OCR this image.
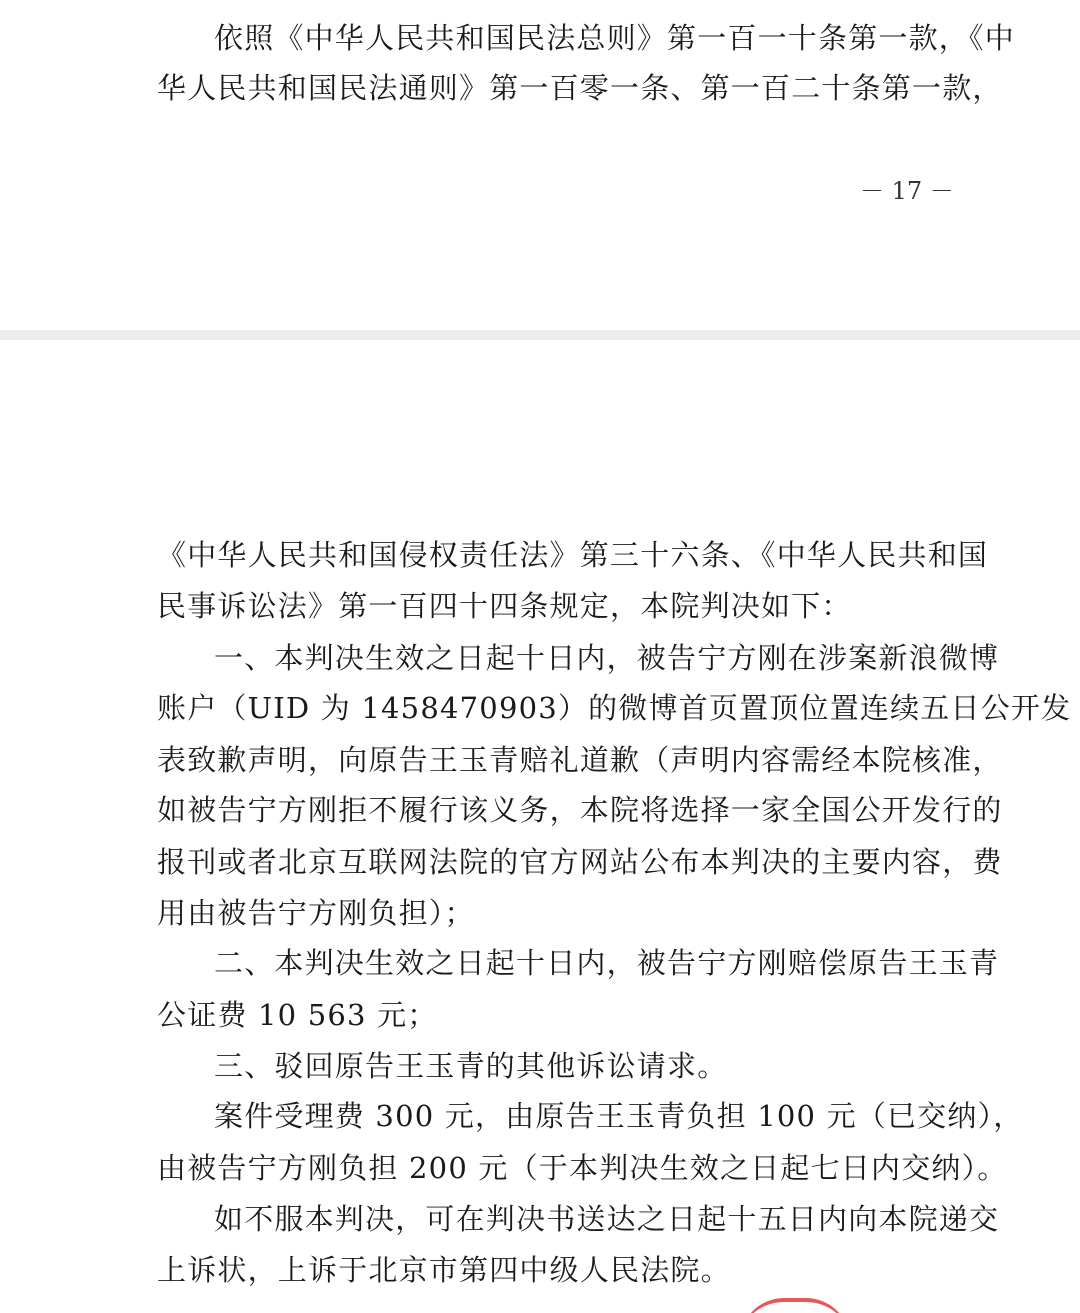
依照《中华人民共和国民法总则》第一百一十条第一款，《中
华人民共和国民法通则》第一百零一条、第一百二十条第一款，
－ 17 －
《中华人民共和国侵权责任法》第三十六条、《中华人民共和国
民事诉讼法》第一百四十四条规定，本院判决如下：
一、本判决生效之日起十日内，被告宁方刚在涉案新浪微博
账户（UID 为 1458470903）的微博首页置顶位置连续五日公开发
表致歉声明，向原告王玉青赔礼道歉（声明内容需经本院核准，
如被告宁方刚拒不履行该义务，本院将选择一家全国公开发行的
报刊或者北京互联网法院的官方网站公布本判决的主要内容，费
用由被告宁方刚负担）；
二、本判决生效之日起十日内，被告宁方刚赔偿原告王玉青
公证费 10 563 元；
三、驳回原告王玉青的其他诉讼请求。
案件受理费 300 元，由原告王玉青负担 100 元（已交纳），
由被告宁方刚负担 200 元（于本判决生效之日起七日内交纳）。
如不服本判决，可在判决书送达之日起十五日内向本院递交
上诉状，上诉于北京市第四中级人民法院。
